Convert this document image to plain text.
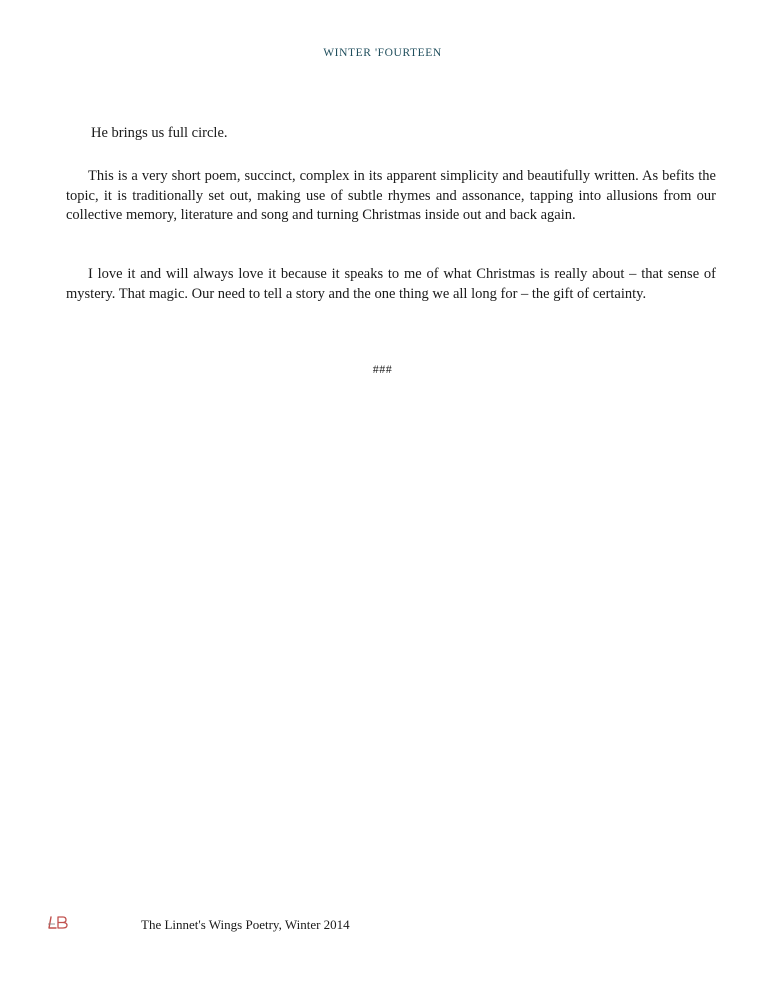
WINTER 'FOURTEEN

He brings us full circle.

This is a very short poem, succinct, complex in its apparent simplicity and beautifully written. As befits the topic, it is traditionally set out, making use of subtle rhymes and assonance, tapping into allusions from our collective memory, literature and song and turning Christmas inside out and back again.

I love it and will always love it because it speaks to me of what Christmas is really about – that sense of mystery. That magic. Our need to tell a story and the one thing we all long for – the gift of certainty.

###
The Linnet's Wings Poetry, Winter 2014
